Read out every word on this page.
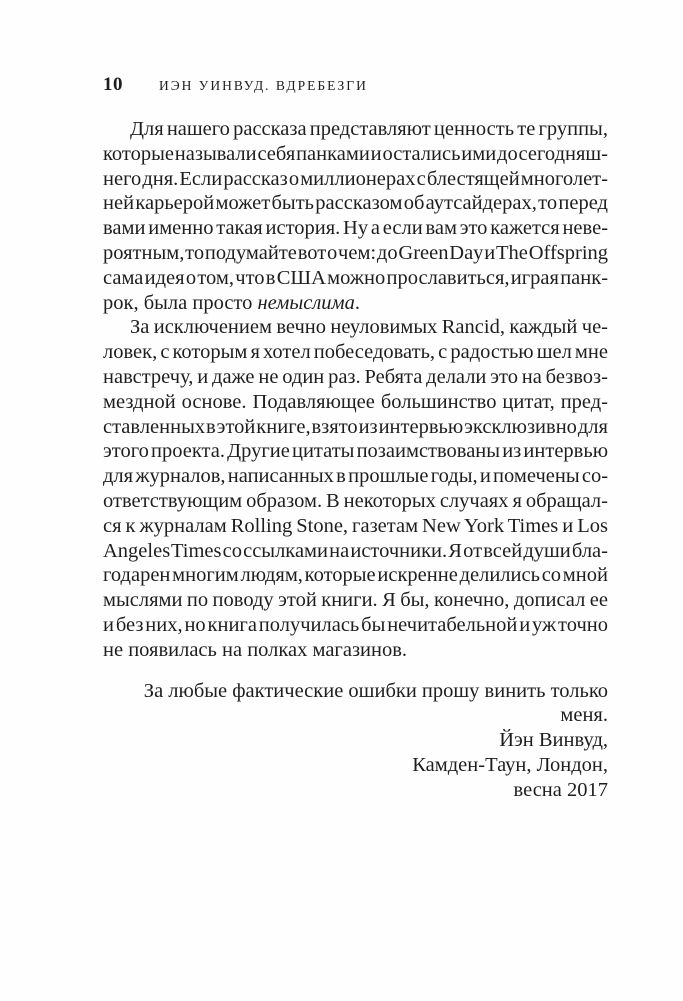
10	ИЭН УИНВУД. ВДРЕБЕЗГИ
Для нашего рассказа представляют ценность те группы,
которые называли себя панками и остались ими до сегодняш-
него дня. Если рассказ о миллионерах с блестящей многолет-
ней карьерой может быть рассказом об аутсайдерах, то перед
вами именно такая история. Ну а если вам это кажется неве-
роятным, то подумайте вот о чем: до Green Day и The Offspring
сама идея о том, что в США можно прославиться, играя панк-
рок, была просто немыслима.
За исключением вечно неуловимых Rancid, каждый че-
ловек, с которым я хотел побеседовать, с радостью шел мне
навстречу, и даже не один раз. Ребята делали это на безвоз-
мездной основе. Подавляющее большинство цитат, пред-
ставленных в этой книге, взято из интервью эксклюзивно для
этого проекта. Другие цитаты позаимствованы из интервью
для журналов, написанных в прошлые годы, и помечены со-
ответствующим образом. В некоторых случаях я обращал-
ся к журналам Rolling Stone, газетам New York Times и Los
Angeles Times со ссылками на источники. Я от всей души бла-
годарен многим людям, которые искренне делились со мной
мыслями по поводу этой книги. Я бы, конечно, дописал ее
и без них, но книга получилась бы нечитабельной и уж точно
не появилась на полках магазинов.
За любые фактические ошибки прошу винить только
меня.
Йэн Винвуд,
Камден-Таун, Лондон,
весна 2017
